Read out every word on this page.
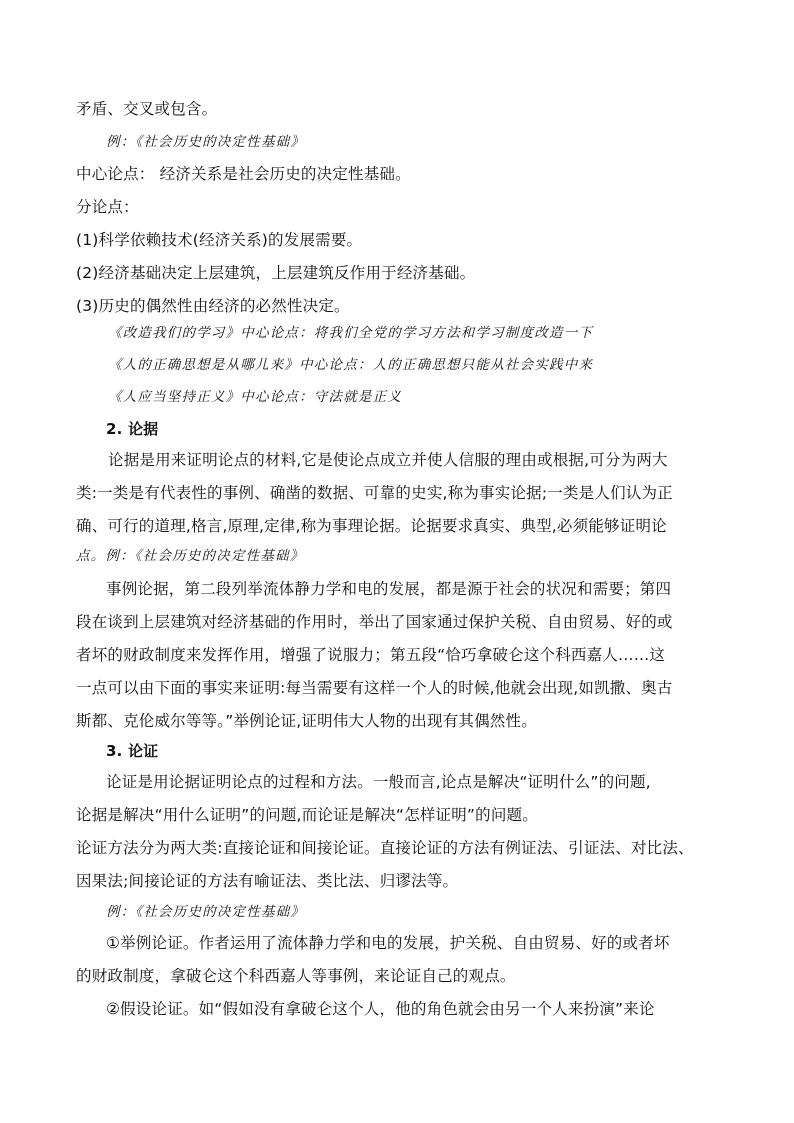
矛盾、交叉或包含。
例：《社会历史的决定性基础》
中心论点： 经济关系是社会历史的决定性基础。
分论点：
(1)科学依赖技术(经济关系)的发展需要。
(2)经济基础决定上层建筑，上层建筑反作用于经济基础。
(3)历史的偶然性由经济的必然性决定。
《改造我们的学习》中心论点：将我们全党的学习方法和学习制度改造一下
《人的正确思想是从哪儿来》中心论点：人的正确思想只能从社会实践中来
《人应当坚持正义》中心论点：守法就是正义
2. 论据
论据是用来证明论点的材料,它是使论点成立并使人信服的理由或根据,可分为两大
类:一类是有代表性的事例、确凿的数据、可靠的史实,称为事实论据;一类是人们认为正
确、可行的道理,格言,原理,定律,称为事理论据。论据要求真实、典型,必须能够证明论
点。例：《社会历史的决定性基础》
事例论据，第二段列举流体静力学和电的发展，都是源于社会的状况和需要；第四
段在谈到上层建筑对经济基础的作用时，举出了国家通过保护关税、自由贸易、好的或
者坏的财政制度来发挥作用，增强了说服力；第五段“恰巧拿破仑这个科西嘉人……这
一点可以由下面的事实来证明:每当需要有这样一个人的时候,他就会出现,如凯撒、奥古
斯都、克伦威尔等等。”举例论证,证明伟大人物的出现有其偶然性。
3. 论证
论证是用论据证明论点的过程和方法。一般而言,论点是解决“证明什么”的问题,
论据是解决“用什么证明”的问题,而论证是解决“怎样证明”的问题。
论证方法分为两大类:直接论证和间接论证。直接论证的方法有例证法、引证法、对比法、
因果法;间接论证的方法有喻证法、类比法、归谬法等。
例：《社会历史的决定性基础》
①举例论证。作者运用了流体静力学和电的发展，护关税、自由贸易、好的或者坏
的财政制度，拿破仑这个科西嘉人等事例，来论证自己的观点。
②假设论证。如“假如没有拿破仑这个人，他的角色就会由另一个人来扮演”来论
